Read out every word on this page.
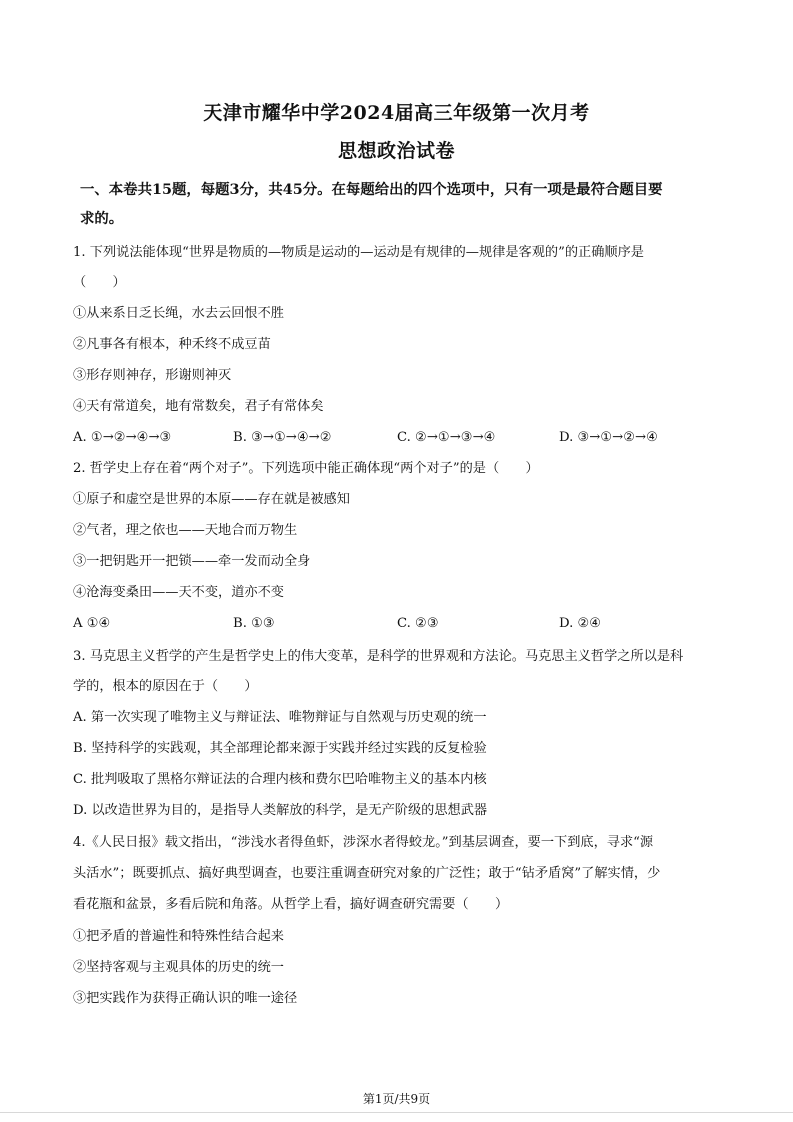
天津市耀华中学2024届高三年级第一次月考
思想政治试卷
一、本卷共15题，每题3分，共45分。在每题给出的四个选项中，只有一项是最符合题目要
求的。
1. 下列说法能体现“世界是物质的—物质是运动的—运动是有规律的—规律是客观的”的正确顺序是
（　　）
①从来系日乏长绳，水去云回恨不胜
②凡事各有根本，种禾终不成豆苗
③形存则神存，形谢则神灭
④天有常道矣，地有常数矣，君子有常体矣
A. ①→②→④→③	B. ③→①→④→②	C. ②→①→③→④	D. ③→①→②→④
2. 哲学史上存在着“两个对子”。下列选项中能正确体现“两个对子”的是（　　）
①原子和虚空是世界的本原——存在就是被感知
②气者，理之依也——天地合而万物生
③一把钥匙开一把锁——牵一发而动全身
④沧海变桑田——天不变，道亦不变
A ①④	B. ①③	C. ②③	D. ②④
3. 马克思主义哲学的产生是哲学史上的伟大变革，是科学的世界观和方法论。马克思主义哲学之所以是科
学的，根本的原因在于（　　）
A. 第一次实现了唯物主义与辩证法、唯物辩证与自然观与历史观的统一
B. 坚持科学的实践观，其全部理论都来源于实践并经过实践的反复检验
C. 批判吸取了黑格尔辩证法的合理内核和费尔巴哈唯物主义的基本内核
D. 以改造世界为目的，是指导人类解放的科学，是无产阶级的思想武器
4.《人民日报》载文指出，“涉浅水者得鱼虾，涉深水者得蛟龙。”到基层调查，要一下到底，寻求“源
头活水”；既要抓点、搞好典型调查，也要注重调查研究对象的广泛性；敢于“钻矛盾窝”了解实情，少
看花瓶和盆景，多看后院和角落。从哲学上看，搞好调查研究需要（　　）
①把矛盾的普遍性和特殊性结合起来
②坚持客观与主观具体的历史的统一
③把实践作为获得正确认识的唯一途径
第1页/共9页
